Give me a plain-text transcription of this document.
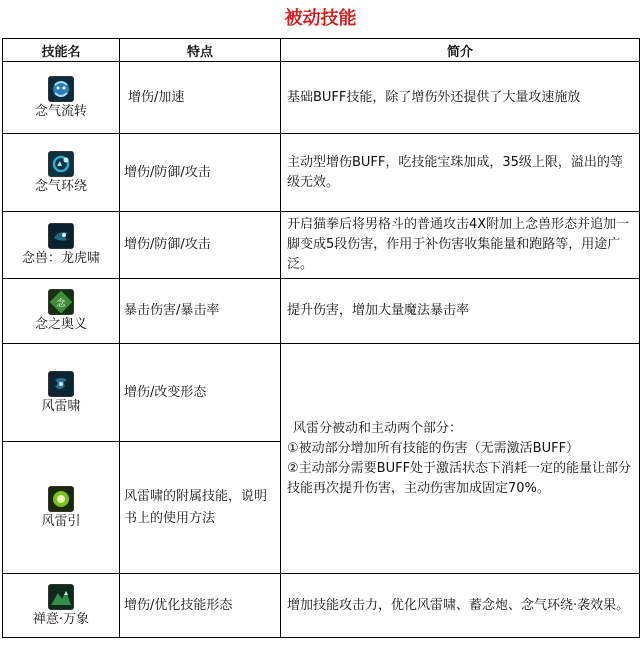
被动技能
技能名	特点	简介

念气流转	增伤/加速	基础BUFF技能，除了增伤外还提供了大量攻速施放

念气环绕	增伤/防御/攻击	主动型增伤BUFF，吃技能宝珠加成，35级上限，溢出的等级无效。

念兽：龙虎啸	增伤/防御/攻击	开启猫拳后将男格斗的普通攻击4X附加上念兽形态并追加一脚变成5段伤害，作用于补伤害收集能量和跑路等，用途广泛。

念
念之奥义	暴击伤害/暴击率	提升伤害，增加大量魔法暴击率

风雷啸	增伤/改变形态	风雷分被动和主动两个部分：
①被动部分增加所有技能的伤害（无需激活BUFF）
②主动部分需要BUFF处于激活状态下消耗一定的能量让部分技能再次提升伤害，主动伤害加成固定70%。

风雷引	风雷啸的附属技能，说明书上的使用方法	

禅意·万象	增伤/优化技能形态	增加技能攻击力，优化风雷啸、蓄念炮、念气环绕·袭效果。
